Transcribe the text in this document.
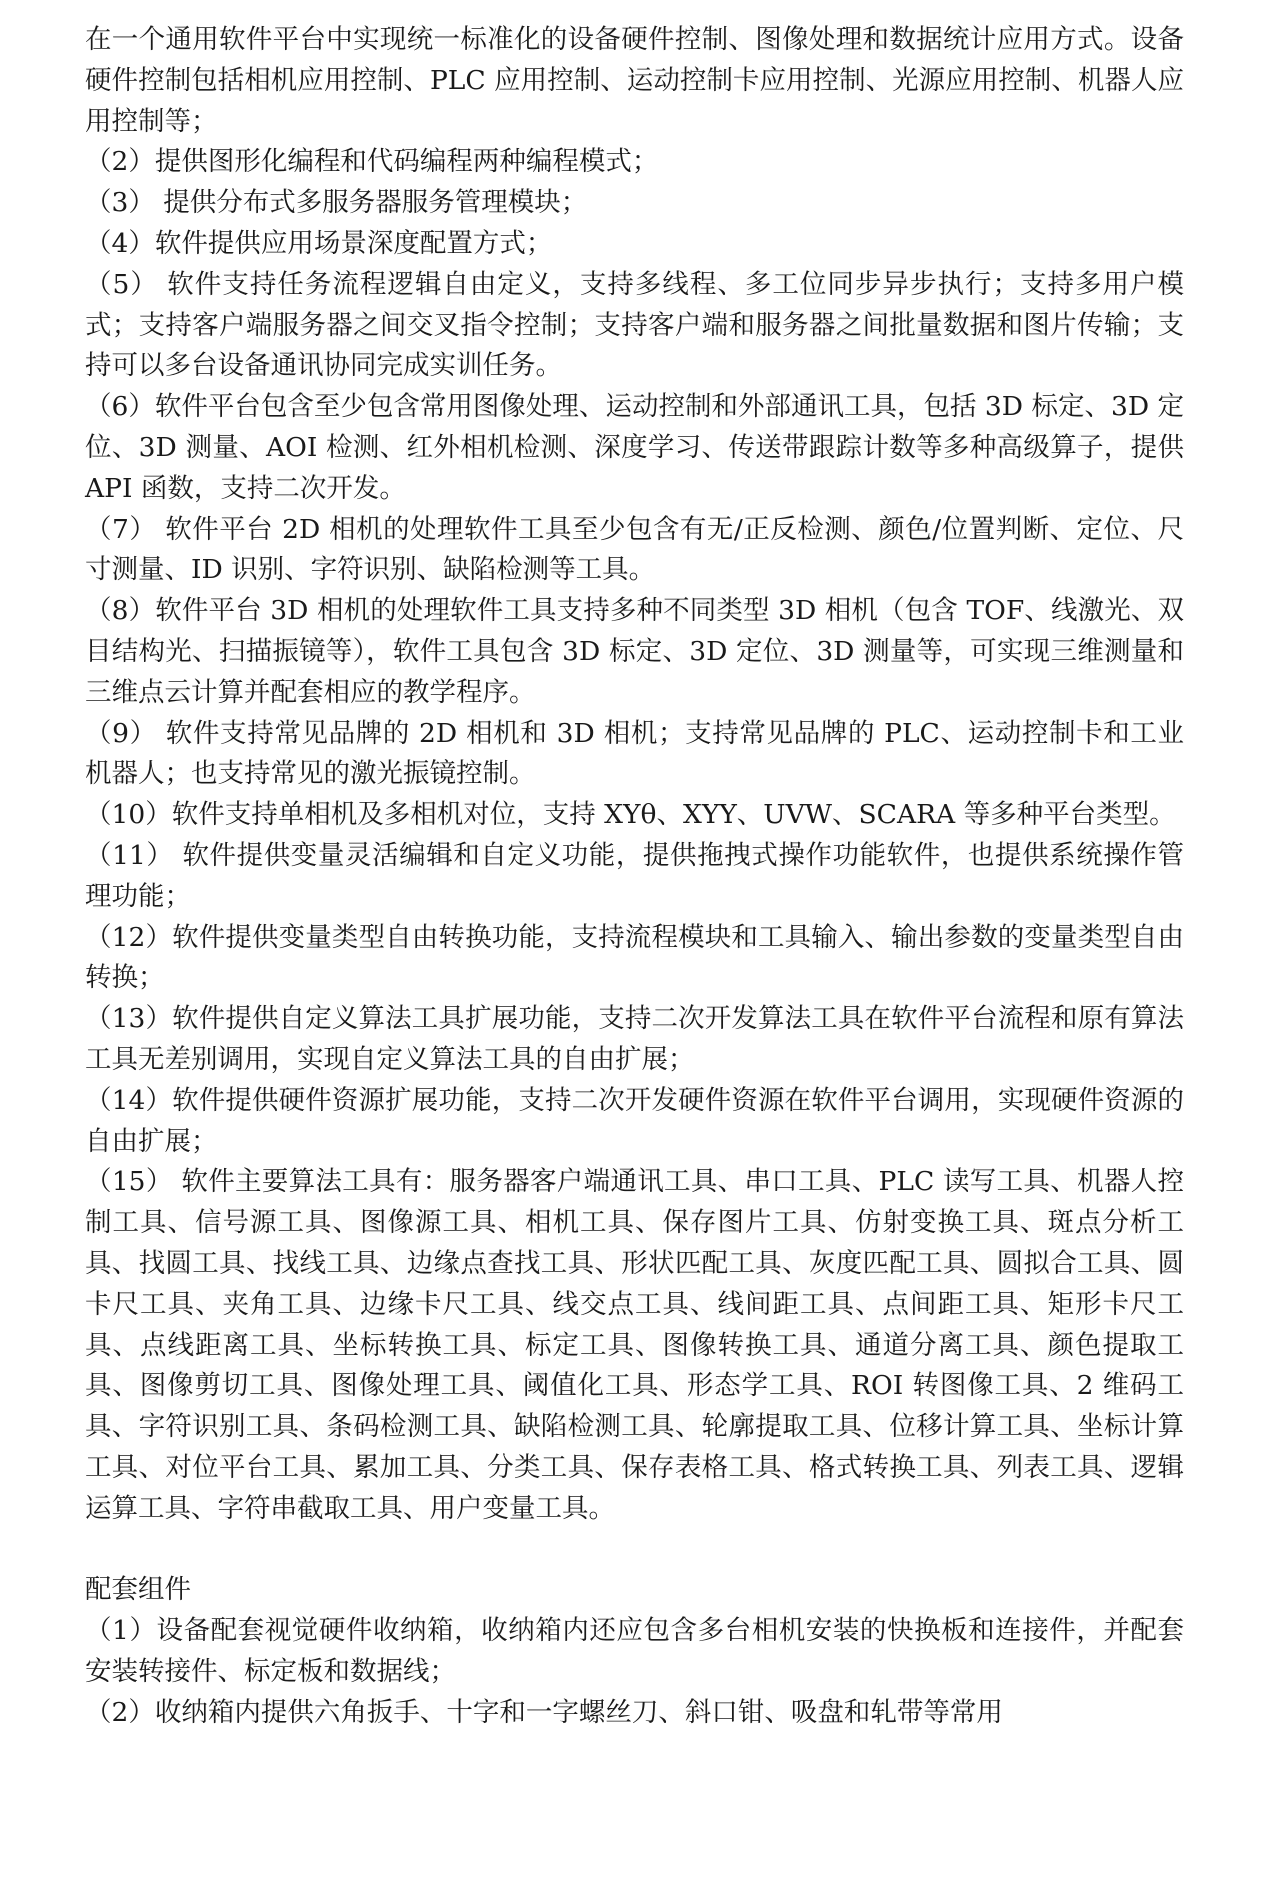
在一个通用软件平台中实现统一标准化的设备硬件控制、图像处理和数据统计应用方式。设备硬件控制包括相机应用控制、PLC 应用控制、运动控制卡应用控制、光源应用控制、机器人应用控制等；

（2）提供图形化编程和代码编程两种编程模式；

（3） 提供分布式多服务器服务管理模块；

（4）软件提供应用场景深度配置方式；

（5） 软件支持任务流程逻辑自由定义，支持多线程、多工位同步异步执行；支持多用户模式；支持客户端服务器之间交叉指令控制；支持客户端和服务器之间批量数据和图片传输；支持可以多台设备通讯协同完成实训任务。

（6）软件平台包含至少包含常用图像处理、运动控制和外部通讯工具，包括 3D 标定、3D 定位、3D 测量、AOI 检测、红外相机检测、深度学习、传送带跟踪计数等多种高级算子，提供 API 函数，支持二次开发。

（7） 软件平台 2D 相机的处理软件工具至少包含有无/正反检测、颜色/位置判断、定位、尺寸测量、ID 识别、字符识别、缺陷检测等工具。

（8）软件平台 3D 相机的处理软件工具支持多种不同类型 3D 相机（包含 TOF、线激光、双目结构光、扫描振镜等），软件工具包含 3D 标定、3D 定位、3D 测量等，可实现三维测量和三维点云计算并配套相应的教学程序。

（9） 软件支持常见品牌的 2D 相机和 3D 相机；支持常见品牌的 PLC、运动控制卡和工业机器人；也支持常见的激光振镜控制。

（10）软件支持单相机及多相机对位，支持 XYθ、XYY、UVW、SCARA 等多种平台类型。

（11） 软件提供变量灵活编辑和自定义功能，提供拖拽式操作功能软件，也提供系统操作管理功能；

（12）软件提供变量类型自由转换功能，支持流程模块和工具输入、输出参数的变量类型自由转换；

（13）软件提供自定义算法工具扩展功能，支持二次开发算法工具在软件平台流程和原有算法工具无差别调用，实现自定义算法工具的自由扩展；

（14）软件提供硬件资源扩展功能，支持二次开发硬件资源在软件平台调用，实现硬件资源的自由扩展；

（15） 软件主要算法工具有：服务器客户端通讯工具、串口工具、PLC 读写工具、机器人控制工具、信号源工具、图像源工具、相机工具、保存图片工具、仿射变换工具、斑点分析工具、找圆工具、找线工具、边缘点查找工具、形状匹配工具、灰度匹配工具、圆拟合工具、圆卡尺工具、夹角工具、边缘卡尺工具、线交点工具、线间距工具、点间距工具、矩形卡尺工具、点线距离工具、坐标转换工具、标定工具、图像转换工具、通道分离工具、颜色提取工具、图像剪切工具、图像处理工具、阈值化工具、形态学工具、ROI 转图像工具、2 维码工具、字符识别工具、条码检测工具、缺陷检测工具、轮廓提取工具、位移计算工具、坐标计算工具、对位平台工具、累加工具、分类工具、保存表格工具、格式转换工具、列表工具、逻辑运算工具、字符串截取工具、用户变量工具。

配套组件

（1）设备配套视觉硬件收纳箱，收纳箱内还应包含多台相机安装的快换板和连接件，并配套安装转接件、标定板和数据线；

（2）收纳箱内提供六角扳手、十字和一字螺丝刀、斜口钳、吸盘和轧带等常用
